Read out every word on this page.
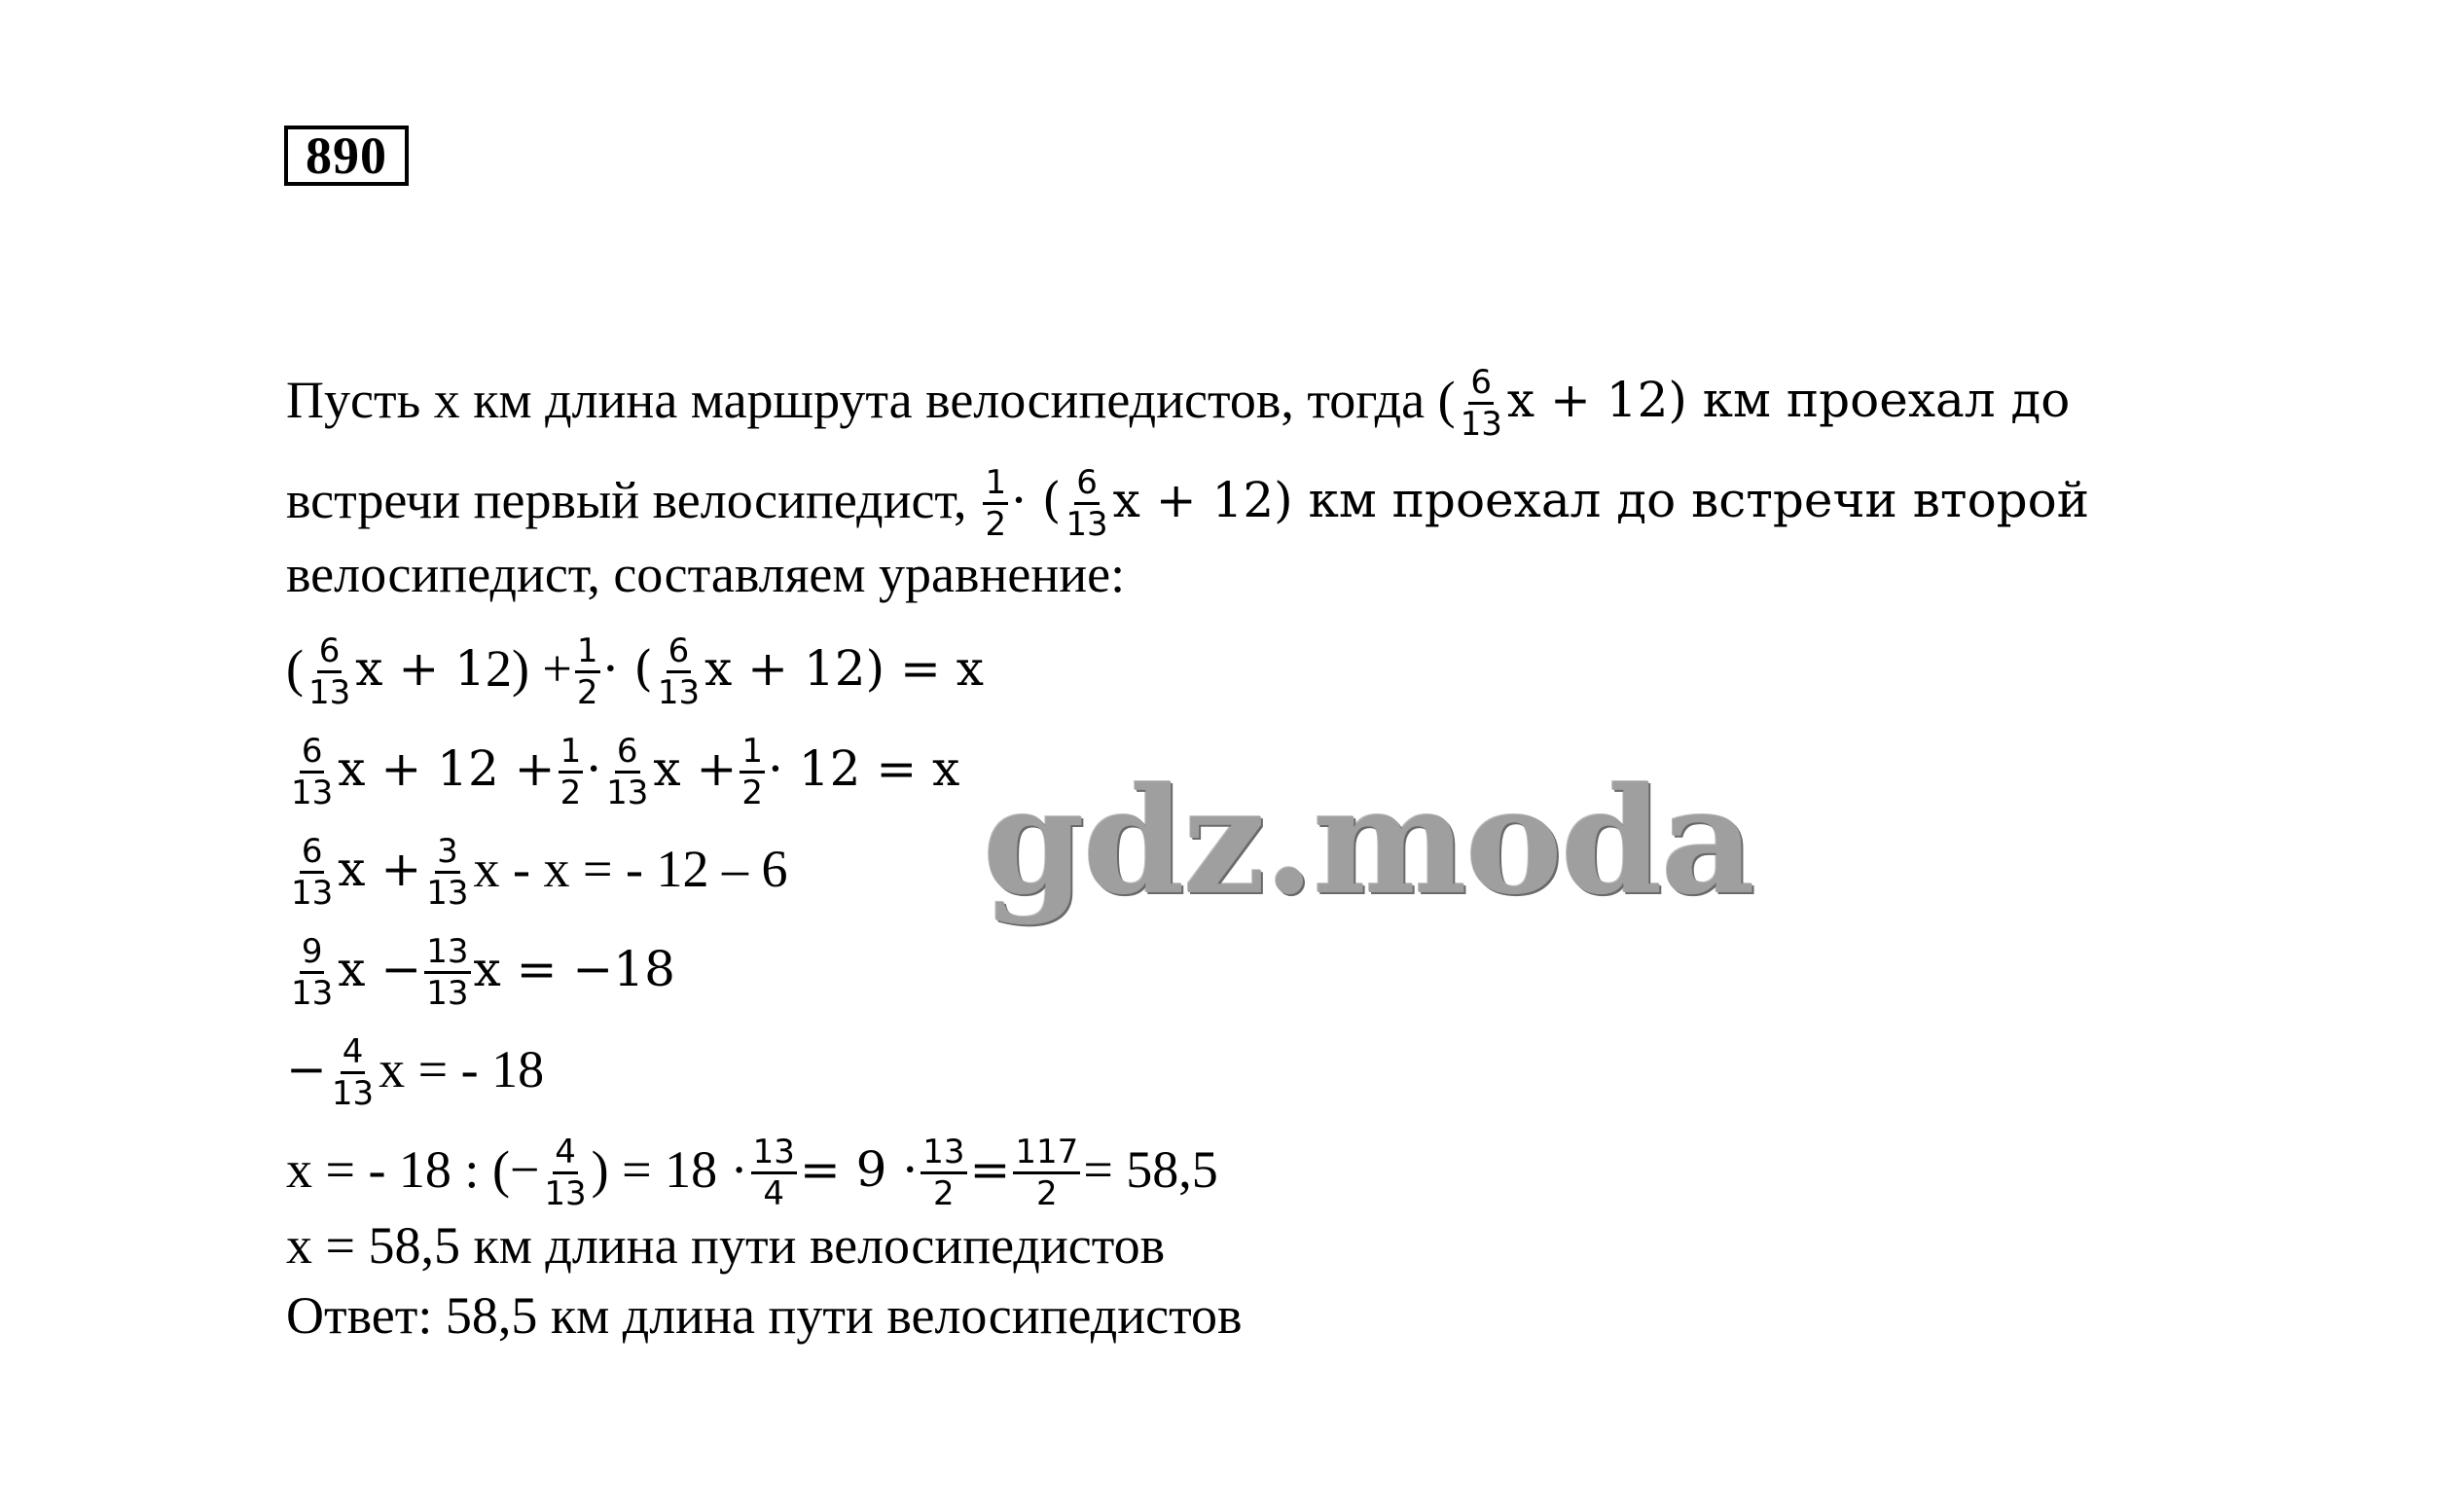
890
Пусть х км длина маршрута велосипедистов, тогда ( $\frac{6}{13}$ x + 12) км проехал до
встречи первый велосипедист, $\frac{1}{2}$ · ( $\frac{6}{13}$ x + 12) км проехал до встречи второй
велосипедист, составляем уравнение:
( $\frac{6}{13}$ x + 1 $2) + \frac{1}{2}$ · ( $\frac{6}{13}$ x + 12) = x
$\frac{6}{13}$ $x + 12 + \frac{1}{2} \cdot \frac{6}{13}$ $x + \frac{1}{2} \cdot 12 = x$
$\frac{6}{13}$ $x + \frac{3}{13}$ x - x = - 12 – 6
$\frac{9}{13}$ $x - \frac{13}{13}$ x = −18
− $\frac{4}{13}$ x = - 18
x = - 18 : (− $\frac{4}{13}$ ) = $18 \cdot \frac{13}{4} = 9 \cdot \frac{13}{2} = \frac{117}{2} = 58,5$
х = 58,5 км длина пути велосипедистов
Ответ: 58,5 км длина пути велосипедистов
gdz.moda
